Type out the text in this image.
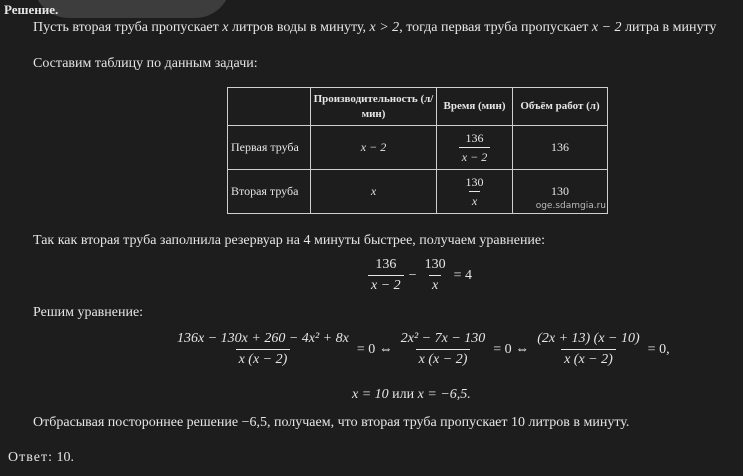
Решение.
Пусть вторая труба пропускает x литров воды в минуту, x > 2, тогда первая труба пропускает x − 2 литра в минуту
Составим таблицу по данным задачи:
	Производительность (л/мин)	Время (мин)	Объём работ (л)
Первая труба	x − 2	$\frac{136}{x - 2}$	136
Вторая труба	x	$\frac{130}{x}$	130
oge.sdamgia.ru
Так как вторая труба заполнила резервуар на 4 минуты быстрее, получаем уравнение:
$\frac{136}{x - 2} - \frac{130}{x} = 4$
Решим уравнение:
$\frac{\text{136x − 130x + 260 − 4x² + 8x}}{x (x - 2)} = 0$ ⇔ $\frac{\text{2x² − 7x − 130}}{x (x - 2)} = 0$ ⇔ $\frac{(2x + 13) (x - 10)}{x (x - 2)} = 0$,
x = 10 или x = −6,5.
Отбрасывая постороннее решение −6,5, получаем, что вторая труба пропускает 10 литров в минуту.
Ответ: 10.
